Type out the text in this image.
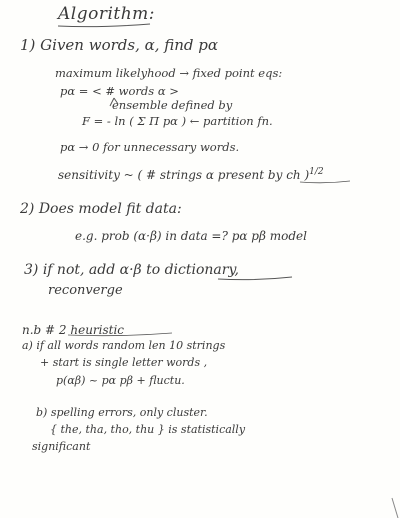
Algorithm:
1) Given words, α, find pα
maximum likelyhood → fixed point eqs:
pα = < # words α >
ensemble defined by
F = - ln ( Σ Π pα ) ← partition fn.
pα → 0 for unnecessary words.
sensitivity ~ ( # strings α present by ch )$^{1/2}$
2) Does model fit data:
e.g. prob (α·β) in data =? pα pβ model
3) if not, add α·β to dictionary,
reconverge
n.b # 2 heuristic
a) if all words random len 10 strings
+ start is single letter words ,
p(αβ) ~ pα pβ + fluctu.
b) spelling errors, only cluster.
{ the, tha, tho, thu } is statistically
significant
